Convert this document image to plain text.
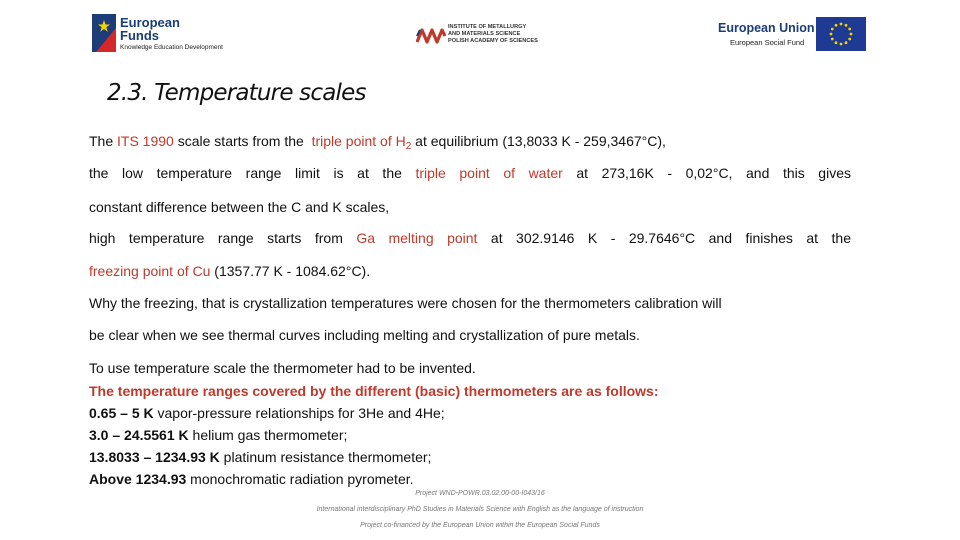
European
Funds
Knowledge Education Development
INSTITUTE OF METALLURGY
AND MATERIALS SCIENCE
POLISH ACADEMY OF SCIENCES
European Union
European Social Fund
2.3. Temperature scales
The ITS 1990 scale starts from the  triple point of $H_2$ at equilibrium (13,8033 K - 259,3467°C),
the low temperature range limit is at the triple point of water at 273,16K - 0,02°C, and this gives
constant difference between the C and K scales,
high temperature range starts from Ga melting point at 302.9146 K - 29.7646°C and finishes at the
freezing point of Cu (1357.77 K - 1084.62°C).
Why the freezing, that is crystallization temperatures were chosen for the thermometers calibration will
be clear when we see thermal curves including melting and crystallization of pure metals.
To use temperature scale the thermometer had to be invented.
The temperature ranges covered by the different (basic) thermometers are as follows:
0.65 – 5 K vapor-pressure relationships for 3He and 4He;
3.0 – 24.5561 K helium gas thermometer;
13.8033 – 1234.93 K platinum resistance thermometer;
Above 1234.93 monochromatic radiation pyrometer.
Project WND-POWR.03.02.00-00-I043/16
International interdisciplinary PhD Studies in Materials Science with English as the language of instruction
Project co-financed by the European Union within the European Social Funds
